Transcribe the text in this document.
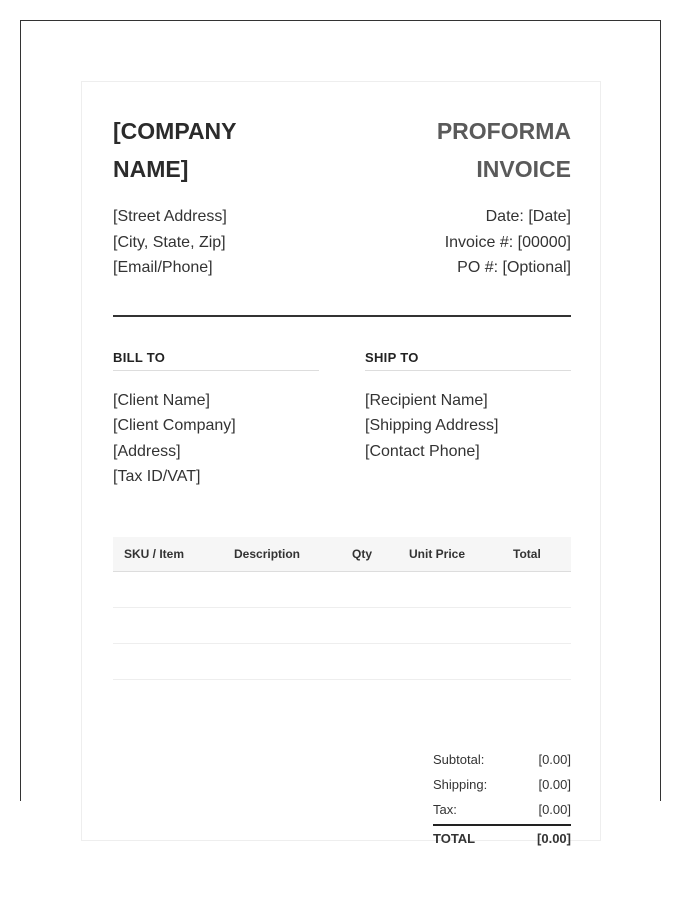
[COMPANY NAME]
PROFORMA INVOICE
[Street Address]
[City, State, Zip]
[Email/Phone]
Date: [Date]
Invoice #: [00000]
PO #: [Optional]
BILL TO
[Client Name]
[Client Company]
[Address]
[Tax ID/VAT]
SHIP TO
[Recipient Name]
[Shipping Address]
[Contact Phone]
SKU / Item	Description	Qty	Unit Price	Total

Subtotal:	[0.00]
Shipping:	[0.00]
Tax:	[0.00]
TOTAL	[0.00]
